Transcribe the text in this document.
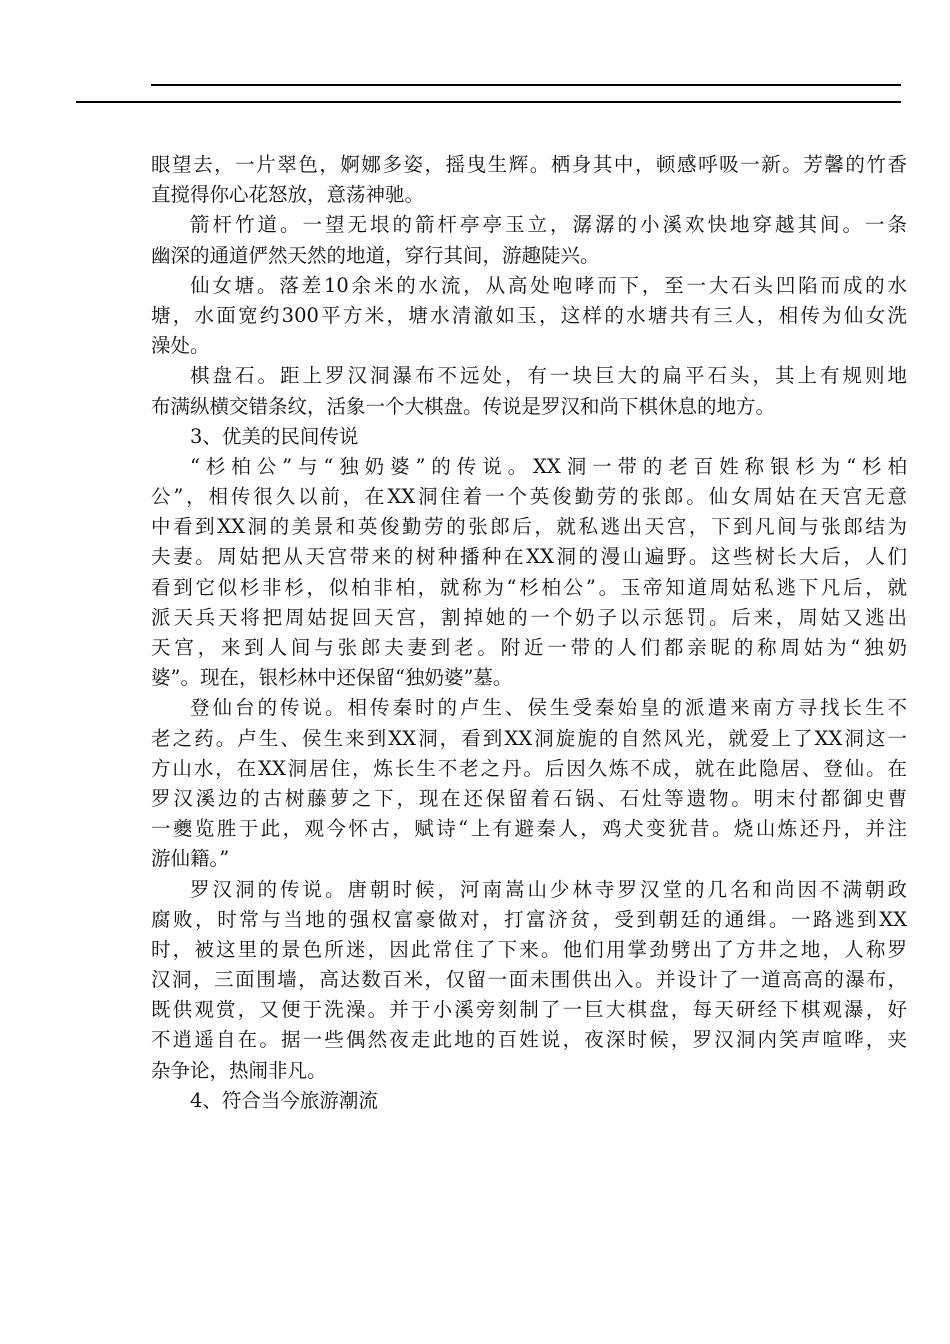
眼望去，一片翠色，婀娜多姿，摇曳生辉。栖身其中，顿感呼吸一新。芳馨的竹香
直搅得你心花怒放，意荡神驰。
箭杆竹道。一望无垠的箭杆亭亭玉立，潺潺的小溪欢快地穿越其间。一条
幽深的通道俨然天然的地道，穿行其间，游趣陡兴。
仙女塘。落差10余米的水流，从高处咆哮而下，至一大石头凹陷而成的水
塘，水面宽约300平方米，塘水清澈如玉，这样的水塘共有三人，相传为仙女洗
澡处。
棋盘石。距上罗汉洞瀑布不远处，有一块巨大的扁平石头，其上有规则地
布满纵横交错条纹，活象一个大棋盘。传说是罗汉和尚下棋休息的地方。
3、优美的民间传说
“杉柏公”与“独奶婆”的传说。XX洞一带的老百姓称银杉为“杉柏
公”，相传很久以前，在XX洞住着一个英俊勤劳的张郎。仙女周姑在天宫无意
中看到XX洞的美景和英俊勤劳的张郎后，就私逃出天宫，下到凡间与张郎结为
夫妻。周姑把从天宫带来的树种播种在XX洞的漫山遍野。这些树长大后，人们
看到它似杉非杉，似柏非柏，就称为“杉柏公”。玉帝知道周姑私逃下凡后，就
派天兵天将把周姑捉回天宫，割掉她的一个奶子以示惩罚。后来，周姑又逃出
天宫，来到人间与张郎夫妻到老。附近一带的人们都亲昵的称周姑为“独奶
婆”。现在，银杉林中还保留“独奶婆”墓。
登仙台的传说。相传秦时的卢生、侯生受秦始皇的派遣来南方寻找长生不
老之药。卢生、侯生来到XX洞，看到XX洞旋旎的自然风光，就爱上了XX洞这一
方山水，在XX洞居住，炼长生不老之丹。后因久炼不成，就在此隐居、登仙。在
罗汉溪边的古树藤萝之下，现在还保留着石锅、石灶等遗物。明末付都御史曹
一夔览胜于此，观今怀古，赋诗“上有避秦人，鸡犬变犹昔。烧山炼还丹，并注
游仙籍。”
罗汉洞的传说。唐朝时候，河南嵩山少林寺罗汉堂的几名和尚因不满朝政
腐败，时常与当地的强权富豪做对，打富济贫，受到朝廷的通缉。一路逃到XX
时，被这里的景色所迷，因此常住了下来。他们用掌劲劈出了方井之地，人称罗
汉洞，三面围墙，高达数百米，仅留一面未围供出入。并设计了一道高高的瀑布，
既供观赏，又便于洗澡。并于小溪旁刻制了一巨大棋盘，每天研经下棋观瀑，好
不逍遥自在。据一些偶然夜走此地的百姓说，夜深时候，罗汉洞内笑声喧哗，夹
杂争论，热闹非凡。
4、符合当今旅游潮流
